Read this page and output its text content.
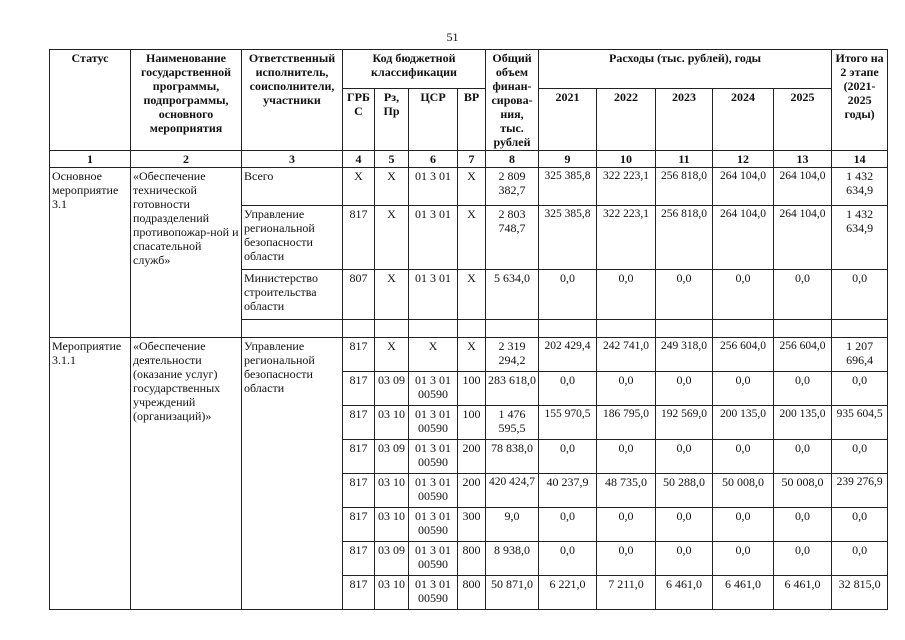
51
Статус	Наименование государственной программы, подпрограммы, основного мероприятия	Ответственный исполнитель, соисполнители, участники	Код бюджетной классификации				Общий объем финан-сирова-ния, тыс. рублей	Расходы (тыс. рублей), годы					Итого на 2 этапе (2021-2025 годы)
			ГРБ С	Рз, Пр	ЦСР	ВР		2021	2022	2023	2024	2025	
1	2	3	4	5	6	7	8	9	10	11	12	13	14
Основное мероприятие 3.1	«Обеспечение технической готовности подразделений противопожар-ной и спасательной служб»	Всего	X	X	01 3 01	X	2 809 382,7	325 385,8	322 223,1	256 818,0	264 104,0	264 104,0	1 432 634,9
		Управление региональной безопасности области	817	X	01 3 01	X	2 803 748,7	325 385,8	322 223,1	256 818,0	264 104,0	264 104,0	1 432 634,9
		Министерство строительства области	807	X	01 3 01	X	5 634,0	0,0	0,0	0,0	0,0	0,0	0,0

Мероприятие 3.1.1	«Обеспечение деятельности (оказание услуг) государственных учреждений (организаций)»	Управление региональной безопасности области	817	X	X	X	2 319 294,2	202 429,4	242 741,0	249 318,0	256 604,0	256 604,0	1 207 696,4
			817	03 09	01 3 01 00590	100	283 618,0	0,0	0,0	0,0	0,0	0,0	0,0
			817	03 10	01 3 01 00590	100	1 476 595,5	155 970,5	186 795,0	192 569,0	200 135,0	200 135,0	935 604,5
			817	03 09	01 3 01 00590	200	78 838,0	0,0	0,0	0,0	0,0	0,0	0,0
			817	03 10	01 3 01 00590	200	420 424,7	40 237,9	48 735,0	50 288,0	50 008,0	50 008,0	239 276,9
			817	03 10	01 3 01 00590	300	9,0	0,0	0,0	0,0	0,0	0,0	0,0
			817	03 09	01 3 01 00590	800	8 938,0	0,0	0,0	0,0	0,0	0,0	0,0
			817	03 10	01 3 01 00590	800	50 871,0	6 221,0	7 211,0	6 461,0	6 461,0	6 461,0	32 815,0
